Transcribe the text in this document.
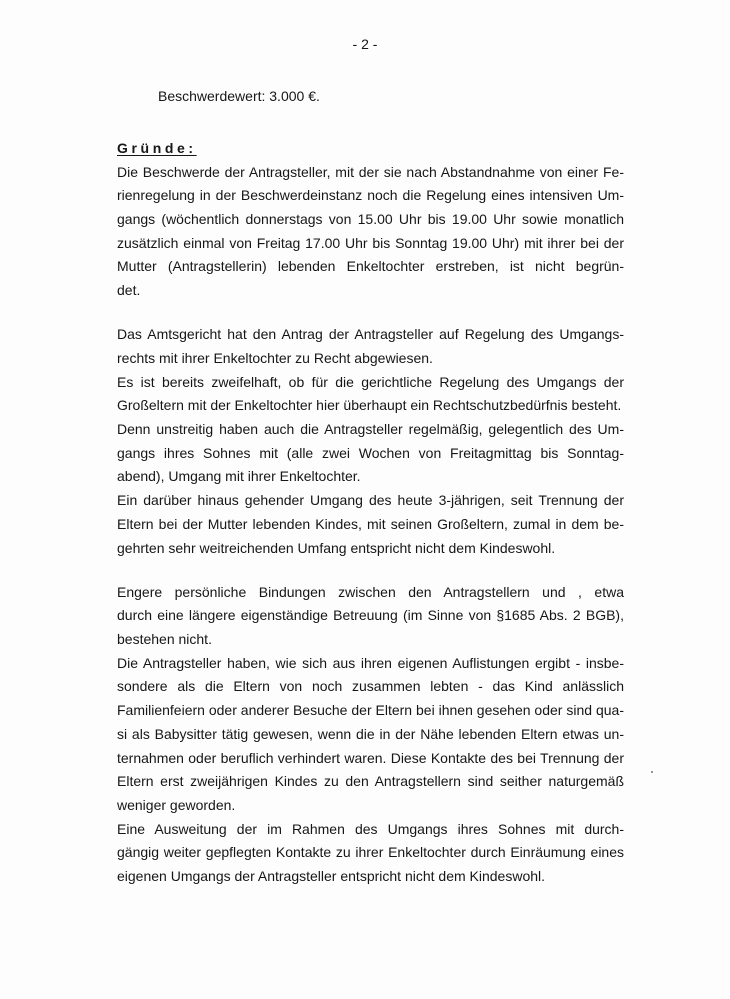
- 2 -
Beschwerdewert: 3.000 €.
Gründe:
Die Beschwerde der Antragsteller, mit der sie nach Abstandnahme von einer Fe-
rienregelung in der Beschwerdeinstanz noch die Regelung eines intensiven Um-
gangs (wöchentlich donnerstags von 15.00 Uhr bis 19.00 Uhr sowie monatlich
zusätzlich einmal von Freitag 17.00 Uhr bis Sonntag 19.00 Uhr) mit ihrer bei der
Mutter (Antragstellerin) lebenden Enkeltochter erstreben, ist nicht begrün-
det.
Das Amtsgericht hat den Antrag der Antragsteller auf Regelung des Umgangs-
rechts mit ihrer Enkeltochter zu Recht abgewiesen.
Es ist bereits zweifelhaft, ob für die gerichtliche Regelung des Umgangs der
Großeltern mit der Enkeltochter hier überhaupt ein Rechtschutzbedürfnis besteht.
Denn unstreitig haben auch die Antragsteller regelmäßig, gelegentlich des Um-
gangs ihres Sohnes mit (alle zwei Wochen von Freitagmittag bis Sonntag-
abend), Umgang mit ihrer Enkeltochter.
Ein darüber hinaus gehender Umgang des heute 3-jährigen, seit Trennung der
Eltern bei der Mutter lebenden Kindes, mit seinen Großeltern, zumal in dem be-
gehrten sehr weitreichenden Umfang entspricht nicht dem Kindeswohl.
Engere persönliche Bindungen zwischen den Antragstellern und , etwa
durch eine längere eigenständige Betreuung (im Sinne von §1685 Abs. 2 BGB),
bestehen nicht.
Die Antragsteller haben, wie sich aus ihren eigenen Auflistungen ergibt - insbe-
sondere als die Eltern von noch zusammen lebten - das Kind anlässlich
Familienfeiern oder anderer Besuche der Eltern bei ihnen gesehen oder sind qua-
si als Babysitter tätig gewesen, wenn die in der Nähe lebenden Eltern etwas un-
ternahmen oder beruflich verhindert waren. Diese Kontakte des bei Trennung der
Eltern erst zweijährigen Kindes zu den Antragstellern sind seither naturgemäß
weniger geworden.
Eine Ausweitung der im Rahmen des Umgangs ihres Sohnes mit durch-
gängig weiter gepflegten Kontakte zu ihrer Enkeltochter durch Einräumung eines
eigenen Umgangs der Antragsteller entspricht nicht dem Kindeswohl.
